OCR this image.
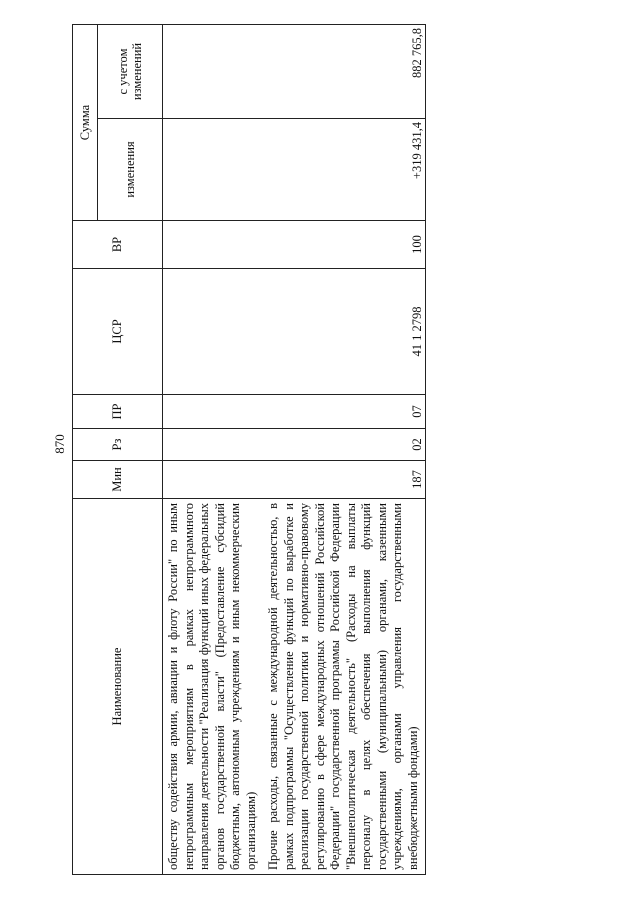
870
Наименование	Мин	Рз	ПР	ЦСР	ВР	Сумма	
						изменения	с учетом изменений
обществу содействия армии, авиации и флоту России" по иным непрограммным мероприятиям в рамках непрограммного направления деятельности "Реализация функций иных федеральных органов государственной власти" (Предоставление субсидий бюджетным, автономным учреждениям и иным некоммерческим организациям)							
Прочие расходы, связанные с международной деятельностью, в рамках подпрограммы "Осуществление функций по выработке и реализации государственной политики и нормативно-правовому регулированию в сфере международных отношений Российской Федерации" государственной программы Российской Федерации "Внешнеполитическая деятельность" (Расходы на выплаты персоналу в целях обеспечения выполнения функций государственными (муниципальными) органами, казенными учреждениями, органами управления государственными внебюджетными фондами)	187	02	07	41 1 2798	100	+319 431,4	882 765,8
